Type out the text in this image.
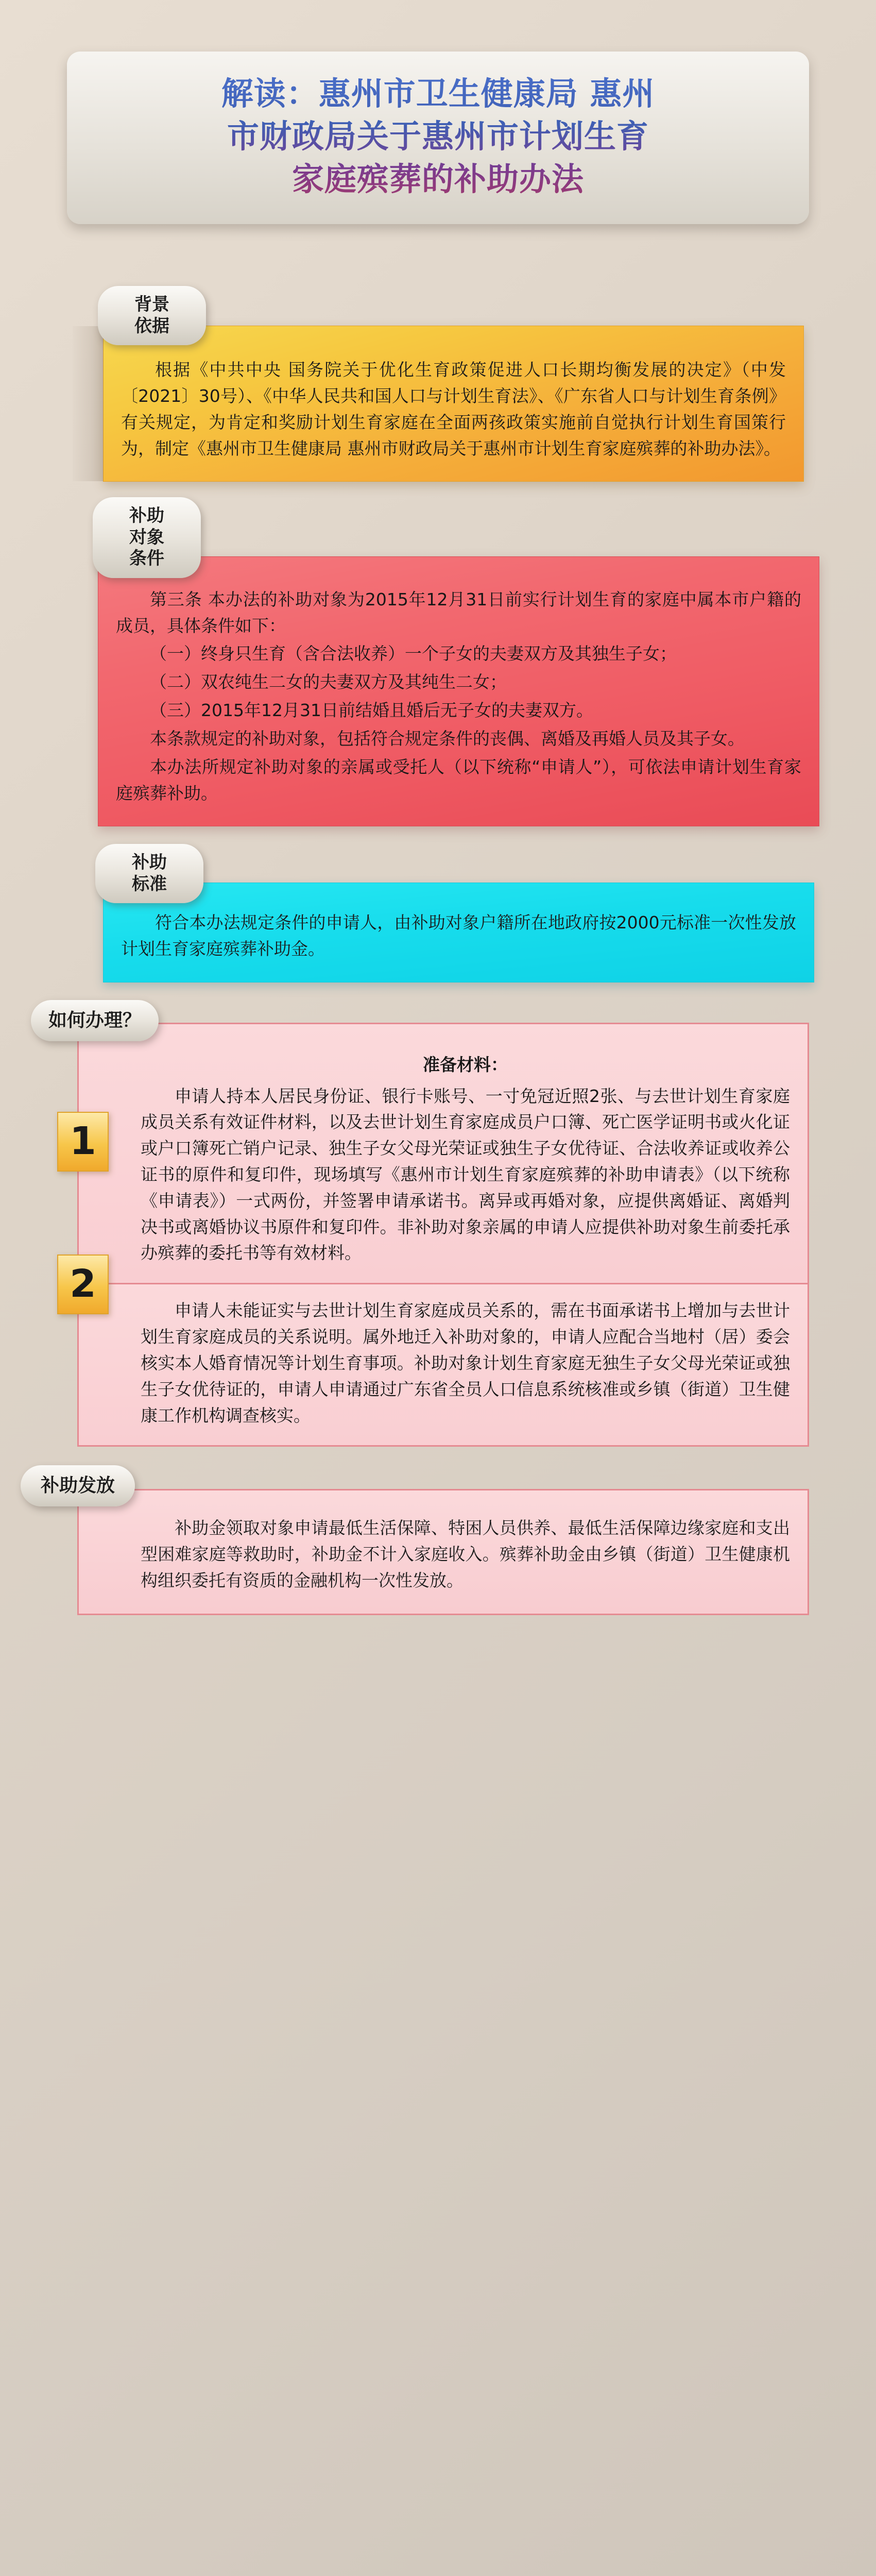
解读：惠州市卫生健康局 惠州
市财政局关于惠州市计划生育
家庭殡葬的补助办法
背景
依据

根据《中共中央 国务院关于优化生育政策促进人口长期均衡发展的决定》（中发〔2021〕30号）、《中华人民共和国人口与计划生育法》、《广东省人口与计划生育条例》有关规定，为肯定和奖励计划生育家庭在全面两孩政策实施前自觉执行计划生育国策行为，制定《惠州市卫生健康局 惠州市财政局关于惠州市计划生育家庭殡葬的补助办法》。

补助
对象
条件

第三条 本办法的补助对象为2015年12月31日前实行计划生育的家庭中属本市户籍的成员，具体条件如下：

（一）终身只生育（含合法收养）一个子女的夫妻双方及其独生子女；

（二）双农纯生二女的夫妻双方及其纯生二女；

（三）2015年12月31日前结婚且婚后无子女的夫妻双方。

本条款规定的补助对象，包括符合规定条件的丧偶、离婚及再婚人员及其子女。

本办法所规定补助对象的亲属或受托人（以下统称“申请人”），可依法申请计划生育家庭殡葬补助。

补助
标准

符合本办法规定条件的申请人，由补助对象户籍所在地政府按2000元标准一次性发放计划生育家庭殡葬补助金。

如何办理？
1

准备材料：

申请人持本人居民身份证、银行卡账号、一寸免冠近照2张、与去世计划生育家庭成员关系有效证件材料，以及去世计划生育家庭成员户口簿、死亡医学证明书或火化证或户口簿死亡销户记录、独生子女父母光荣证或独生子女优待证、合法收养证或收养公证书的原件和复印件，现场填写《惠州市计划生育家庭殡葬的补助申请表》（以下统称《申请表》）一式两份，并签署申请承诺书。离异或再婚对象，应提供离婚证、离婚判决书或离婚协议书原件和复印件。非补助对象亲属的申请人应提供补助对象生前委托承办殡葬的委托书等有效材料。

2

申请人未能证实与去世计划生育家庭成员关系的，需在书面承诺书上增加与去世计划生育家庭成员的关系说明。属外地迁入补助对象的，申请人应配合当地村（居）委会核实本人婚育情况等计划生育事项。补助对象计划生育家庭无独生子女父母光荣证或独生子女优待证的，申请人申请通过广东省全员人口信息系统核准或乡镇（街道）卫生健康工作机构调查核实。

补助发放

补助金领取对象申请最低生活保障、特困人员供养、最低生活保障边缘家庭和支出型困难家庭等救助时，补助金不计入家庭收入。殡葬补助金由乡镇（街道）卫生健康机构组织委托有资质的金融机构一次性发放。
